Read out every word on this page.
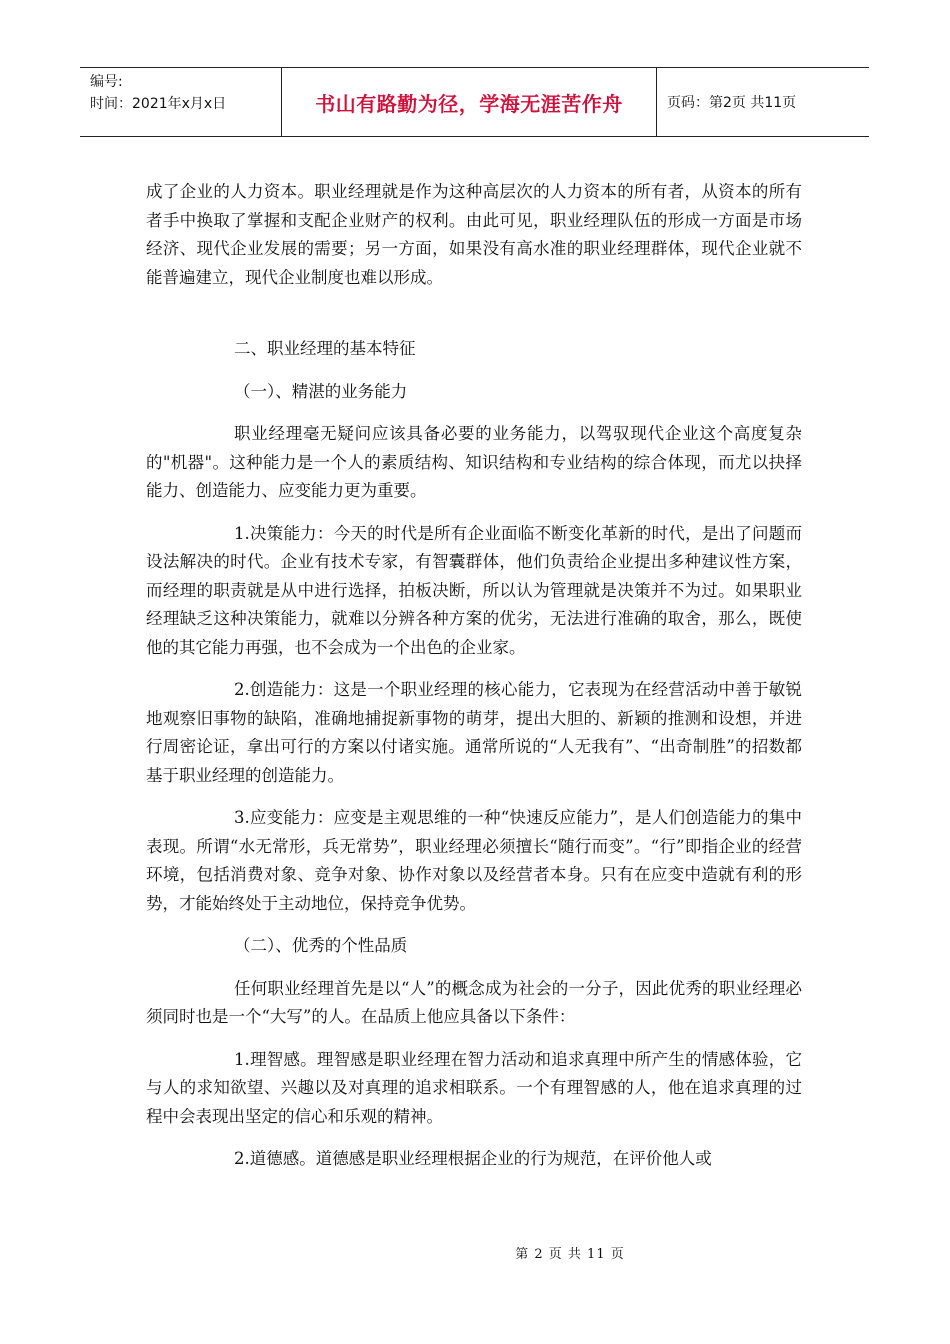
编号:
时间：2021年x月x日	书山有路勤为径，学海无涯苦作舟	页码：第2页 共11页

成了企业的人力资本。职业经理就是作为这种高层次的人力资本的所有者，从资本的所有者手中换取了掌握和支配企业财产的权利。由此可见，职业经理队伍的形成一方面是市场经济、现代企业发展的需要；另一方面，如果没有高水准的职业经理群体，现代企业就不能普遍建立，现代企业制度也难以形成。

二、职业经理的基本特征

（一）、精湛的业务能力

职业经理毫无疑问应该具备必要的业务能力，以驾驭现代企业这个高度复杂的"机器"。这种能力是一个人的素质结构、知识结构和专业结构的综合体现，而尤以抉择能力、创造能力、应变能力更为重要。

1.决策能力：今天的时代是所有企业面临不断变化革新的时代，是出了问题而设法解决的时代。企业有技术专家，有智囊群体，他们负责给企业提出多种建议性方案，而经理的职责就是从中进行选择，拍板决断，所以认为管理就是决策并不为过。如果职业经理缺乏这种决策能力，就难以分辨各种方案的优劣，无法进行准确的取舍，那么，既使他的其它能力再强，也不会成为一个出色的企业家。

2.创造能力：这是一个职业经理的核心能力，它表现为在经营活动中善于敏锐地观察旧事物的缺陷，准确地捕捉新事物的萌芽，提出大胆的、新颖的推测和设想，并进行周密论证，拿出可行的方案以付诸实施。通常所说的“人无我有”、“出奇制胜”的招数都基于职业经理的创造能力。

3.应变能力：应变是主观思维的一种“快速反应能力”，是人们创造能力的集中表现。所谓“水无常形，兵无常势”，职业经理必须擅长“随行而变”。“行”即指企业的经营环境，包括消费对象、竞争对象、协作对象以及经营者本身。只有在应变中造就有利的形势，才能始终处于主动地位，保持竞争优势。

（二）、优秀的个性品质

任何职业经理首先是以“人”的概念成为社会的一分子，因此优秀的职业经理必须同时也是一个“大写”的人。在品质上他应具备以下条件：

1.理智感。理智感是职业经理在智力活动和追求真理中所产生的情感体验，它与人的求知欲望、兴趣以及对真理的追求相联系。一个有理智感的人，他在追求真理的过程中会表现出坚定的信心和乐观的精神。

2.道德感。道德感是职业经理根据企业的行为规范，在评价他人或

第 2 页 共 11 页
